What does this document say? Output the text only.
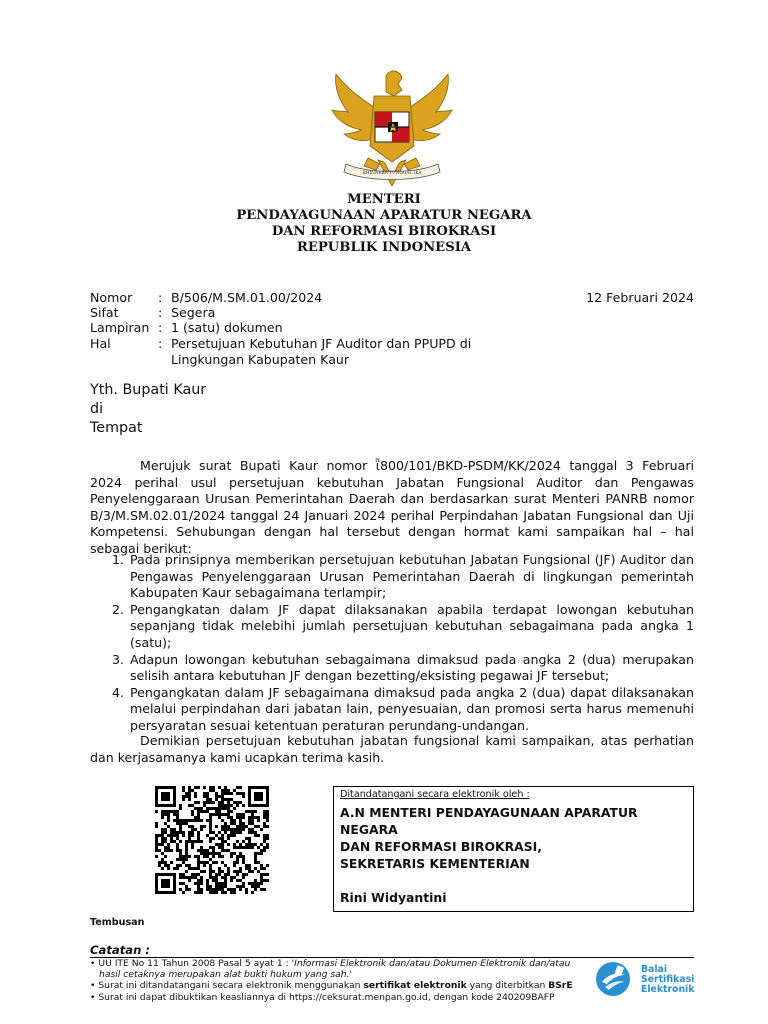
BHINNEKA TUNGGAL IKA
MENTERI
PENDAYAGUNAAN APARATUR NEGARA
DAN REFORMASI BIROKRASI
REPUBLIK INDONESIA
Nomor	: B/506/M.SM.01.00/2024
Sifat	: Segera
Lampiran : 1 (satu) dokumen
Hal	: Persetujuan Kebutuhan JF Auditor dan PPUPD di
Lingkungan Kabupaten Kaur
12 Februari 2024
Yth. Bupati Kaur
di
Tempat
Merujuk surat Bupati Kaur nomor ῗ800/101/BKD-PSDM/KK/2024 tanggal 3 Februari 2024 perihal usul persetujuan kebutuhan Jabatan Fungsional Auditor dan Pengawas Penyelenggaraan Urusan Pemerintahan Daerah dan berdasarkan surat Menteri PANRB nomor B/3/M.SM.02.01/2024 tanggal 24 Januari 2024 perihal Perpindahan Jabatan Fungsional dan Uji Kompetensi. Sehubungan dengan hal tersebut dengan hormat kami sampaikan hal – hal sebagai berikut:
1. Pada prinsipnya memberikan persetujuan kebutuhan Jabatan Fungsional (JF) Auditor dan Pengawas Penyelenggaraan Urusan Pemerintahan Daerah di lingkungan pemerintah Kabupaten Kaur sebagaimana terlampir;
2. Pengangkatan dalam JF dapat dilaksanakan apabila terdapat lowongan kebutuhan sepanjang tidak melebihi jumlah persetujuan kebutuhan sebagaimana pada angka 1 (satu);
3. Adapun lowongan kebutuhan sebagaimana dimaksud pada angka 2 (dua) merupakan selisih antara kebutuhan JF dengan bezetting/eksisting pegawai JF tersebut;
4. Pengangkatan dalam JF sebagaimana dimaksud pada angka 2 (dua) dapat dilaksanakan melalui perpindahan dari jabatan lain, penyesuaian, dan promosi serta harus memenuhi persyaratan sesuai ketentuan peraturan perundang-undangan.
Demikian persetujuan kebutuhan jabatan fungsional kami sampaikan, atas perhatian dan kerjasamanya kami ucapkan terima kasih.
Ditandatangani secara elektronik oleh :
A.N MENTERI PENDAYAGUNAAN APARATUR
NEGARA
DAN REFORMASI BIROKRASI,
SEKRETARIS KEMENTERIAN
Rini Widyantini
Tembusan
Catatan :
• UU ITE No 11 Tahun 2008 Pasal 5 ayat 1 : 'Informasi Elektronik dan/atau Dokumen Elektronik dan/atau
hasil cetaknya merupakan alat bukti hukum yang sah.'
• Surat ini ditandatangani secara elektronik menggunakan sertifikat elektronik yang diterbitkan BSrE
• Surat ini dapat dibuktikan keasliannya di https://ceksurat.menpan.go.id, dengan kode 240209BAFP
Balai
Sertifikasi
Elektronik
